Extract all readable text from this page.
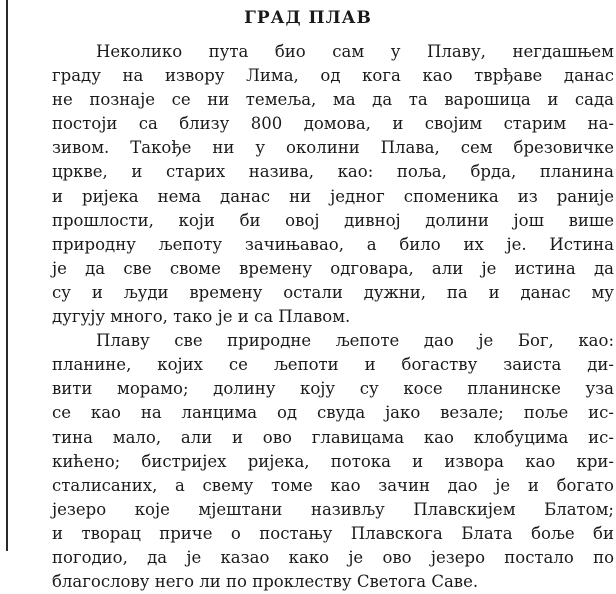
ГРАД ПЛАВ
Неколико пута био сам у Плаву, негдашњем
граду на извору Лима, од кога као тврђаве данас
не познаје се ни темеља, ма да та варошица и сада
постоји са близу 800 домова, и својим старим на-
зивом. Такође ни у околини Плава, сем брезовичке
цркве, и старих назива, као: поља, брда, планина
и ријека нема данас ни једног споменика из раније
прошлости, који би овој дивној долини још више
природну љепоту зачињавао, а било их је. Истина
је да све своме времену одговара, али је истина да
су и људи времену остали дужни, па и данас му
дугују много, тако је и са Плавом.
Плаву све природне љепоте дао је Бог, као:
планине, којих се љепоти и богаству заиста ди-
вити морамо; долину коју су косе планинске уза
се као на ланцима од свуда јако везале; поље ис-
тина мало, али и ово главицама као клобуцима ис-
кићено; бистријех ријека, потока и извора као кри-
сталисаних, а свему томе као зачин дао је и богато
језеро које мјештани називљу Плавскијем Блатом;
и творац приче о постању Плавскога Блата боље би
погодио, да је казао како је ово језеро постало по
благослову него ли по проклеству Светога Саве.
